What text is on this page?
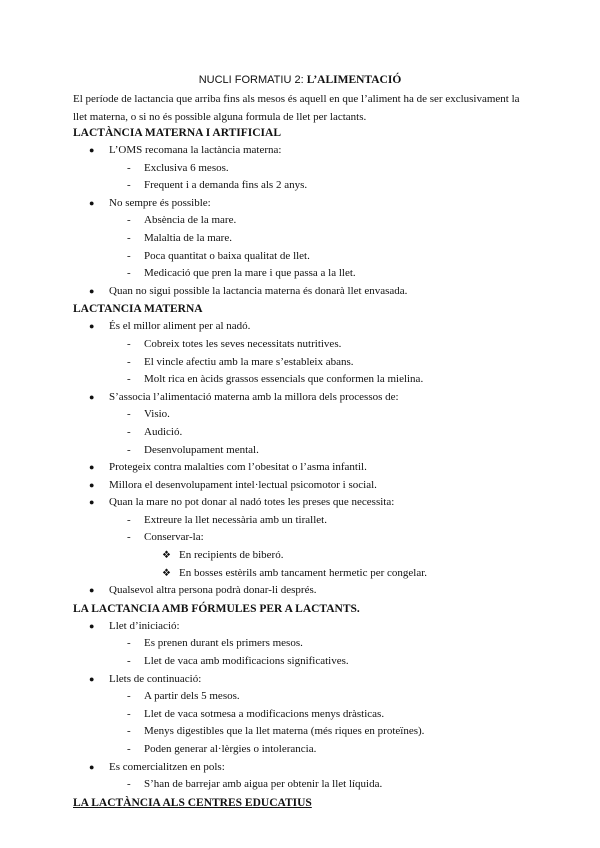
NUCLI FORMATIU 2: L’ALIMENTACIÓ
El període de lactancia que arriba fins als mesos és aquell en que l’aliment ha de ser exclusivament la llet materna, o si no és possible alguna formula de llet per lactants.
LACTÀNCIA MATERNA I ARTIFICIAL
● L’OMS recomana la lactància materna:
- Exclusiva 6 mesos.
- Frequent i a demanda fins als 2 anys.
● No sempre és possible:
- Absència de la mare.
- Malaltia de la mare.
- Poca quantitat o baixa qualitat de llet.
- Medicació que pren la mare i que passa a la llet.
● Quan no sigui possible la lactancia materna és donarà llet envasada.
LACTANCIA MATERNA
● És el millor aliment per al nadó.
- Cobreix totes les seves necessitats nutritives.
- El vincle afectiu amb la mare s’estableix abans.
- Molt rica en àcids grassos essencials que conformen la mielina.
● S’associa l’alimentació materna amb la millora dels processos de:
- Visio.
- Audició.
- Desenvolupament mental.
● Protegeix contra malalties com l’obesitat o l’asma infantil.
● Millora el desenvolupament intel·lectual psicomotor i social.
● Quan la mare no pot donar al nadó totes les preses que necessita:
- Extreure la llet necessària amb un tirallet.
- Conservar-la:
❖ En recipients de biberó.
❖ En bosses estèrils amb tancament hermetic per congelar.
● Qualsevol altra persona podrà donar-li després.
LA LACTANCIA AMB FÓRMULES PER A LACTANTS.
● Llet d’iniciació:
- Es prenen durant els primers mesos.
- Llet de vaca amb modificacions significatives.
● Llets de continuació:
- A partir dels 5 mesos.
- Llet de vaca sotmesa a modificacions menys dràsticas.
- Menys digestibles que la llet materna (més riques en proteïnes).
- Poden generar al·lèrgies o intolerancia.
● Es comercialitzen en pols:
- S’han de barrejar amb aigua per obtenir la llet líquida.
LA LACTÀNCIA ALS CENTRES EDUCATIUS
